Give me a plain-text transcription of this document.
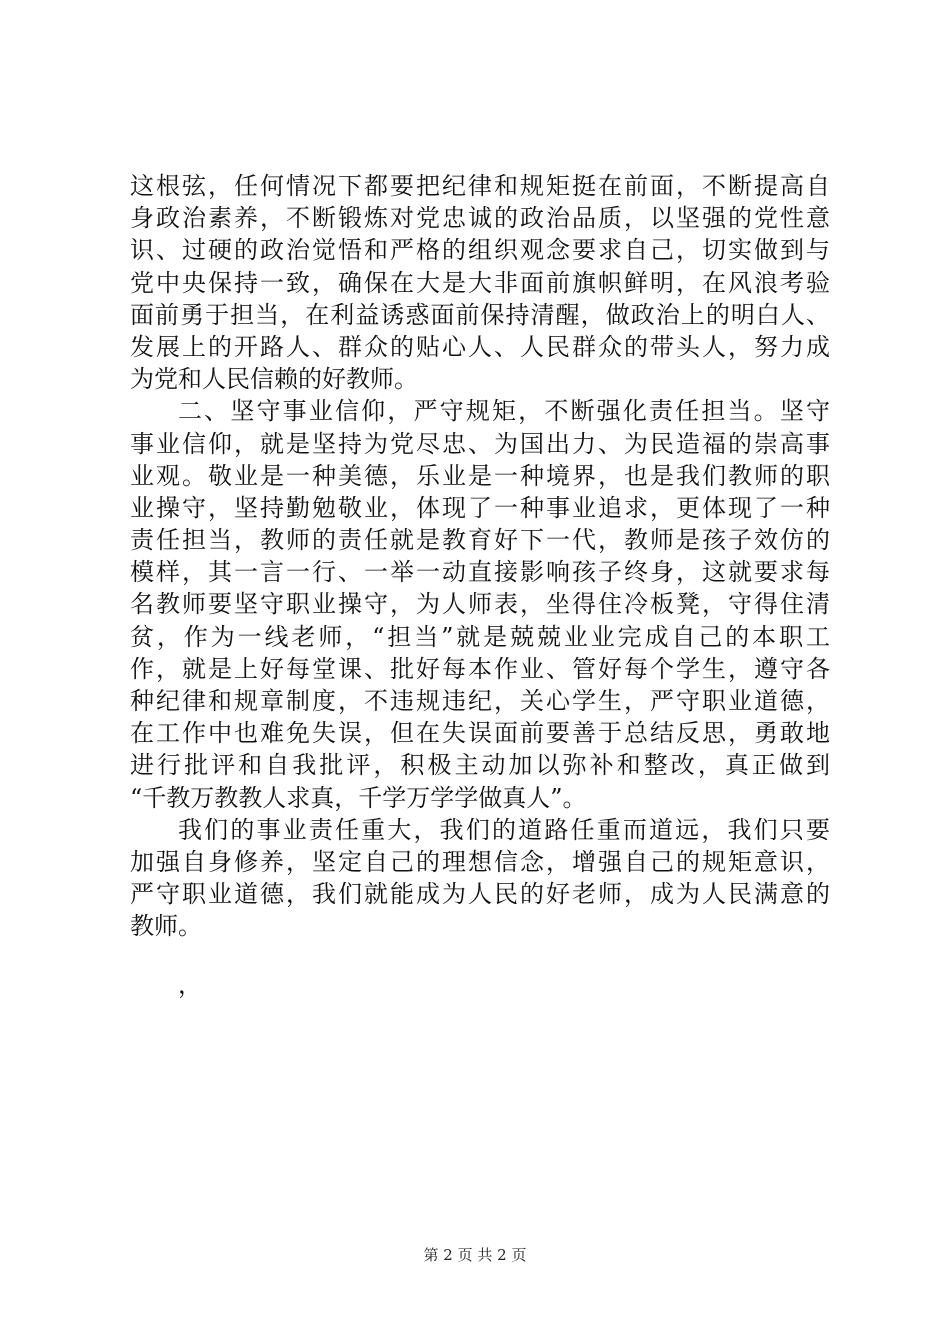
这根弦，任何情况下都要把纪律和规矩挺在前面，不断提高自
身政治素养，不断锻炼对党忠诚的政治品质，以坚强的党性意
识、过硬的政治觉悟和严格的组织观念要求自己，切实做到与
党中央保持一致，确保在大是大非面前旗帜鲜明，在风浪考验
面前勇于担当，在利益诱惑面前保持清醒，做政治上的明白人、
发展上的开路人、群众的贴心人、人民群众的带头人，努力成
为党和人民信赖的好教师。
二、坚守事业信仰，严守规矩，不断强化责任担当。坚守
事业信仰，就是坚持为党尽忠、为国出力、为民造福的崇高事
业观。敬业是一种美德，乐业是一种境界，也是我们教师的职
业操守，坚持勤勉敬业，体现了一种事业追求，更体现了一种
责任担当，教师的责任就是教育好下一代，教师是孩子效仿的
模样，其一言一行、一举一动直接影响孩子终身，这就要求每
名教师要坚守职业操守，为人师表，坐得住冷板凳，守得住清
贫，作为一线老师，“担当”就是兢兢业业完成自己的本职工
作，就是上好每堂课、批好每本作业、管好每个学生，遵守各
种纪律和规章制度，不违规违纪，关心学生，严守职业道德，
在工作中也难免失误，但在失误面前要善于总结反思，勇敢地
进行批评和自我批评，积极主动加以弥补和整改，真正做到
“千教万教教人求真，千学万学学做真人”。
我们的事业责任重大，我们的道路任重而道远，我们只要
加强自身修养，坚定自己的理想信念，增强自己的规矩意识，
严守职业道德，我们就能成为人民的好老师，成为人民满意的
教师。
，
第 2 页 共 2 页
